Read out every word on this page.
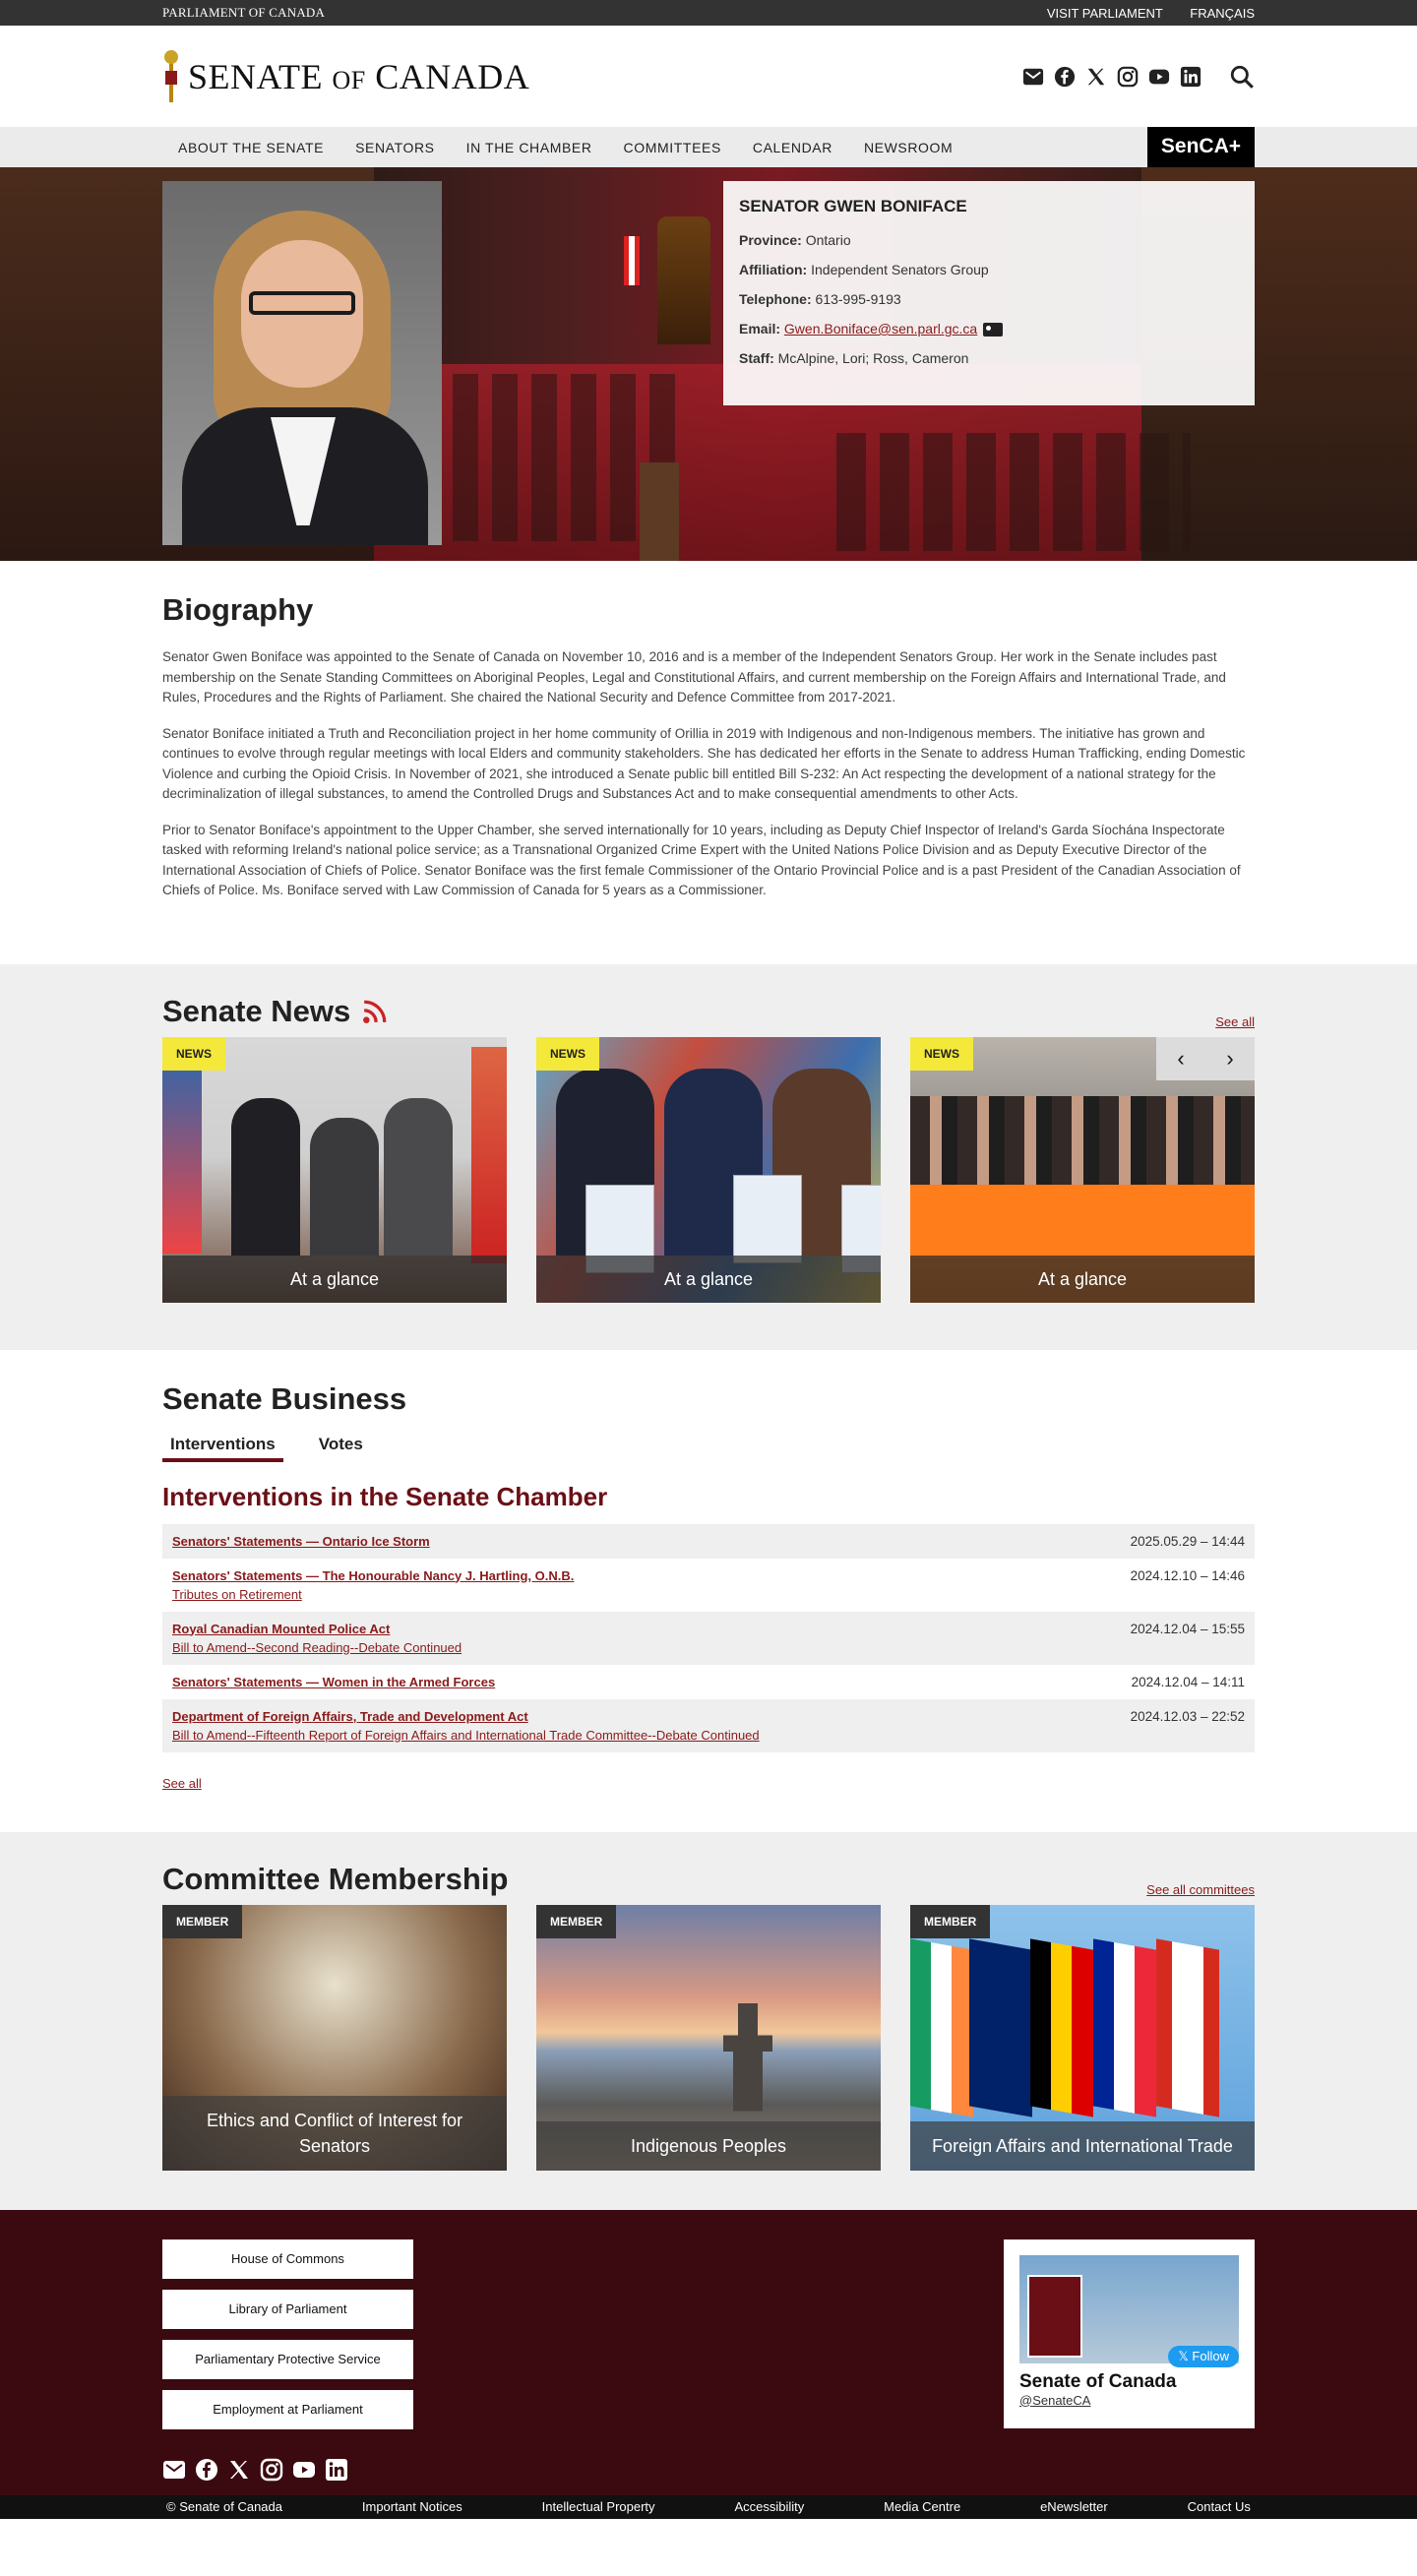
PARLIAMENT OF CANADA	VISIT PARLIAMENT FRANÇAIS
SENATE OF CANADA
ABOUT THE SENATE SENATORS IN THE CHAMBER COMMITTEES CALENDAR NEWSROOM	SenCA+
SENATOR GWEN BONIFACE
Province: Ontario
Affiliation: Independent Senators Group
Telephone: 613-995-9193
Email: Gwen.Boniface@sen.parl.gc.ca
Staff: McAlpine, Lori; Ross, Cameron
Biography

Senator Gwen Boniface was appointed to the Senate of Canada on November 10, 2016 and is a member of the Independent Senators Group. Her work in the Senate includes past membership on the Senate Standing Committees on Aboriginal Peoples, Legal and Constitutional Affairs, and current membership on the Foreign Affairs and International Trade, and Rules, Procedures and the Rights of Parliament. She chaired the National Security and Defence Committee from 2017-2021.

Senator Boniface initiated a Truth and Reconciliation project in her home community of Orillia in 2019 with Indigenous and non-Indigenous members. The initiative has grown and continues to evolve through regular meetings with local Elders and community stakeholders. She has dedicated her efforts in the Senate to address Human Trafficking, ending Domestic Violence and curbing the Opioid Crisis. In November of 2021, she introduced a Senate public bill entitled Bill S-232: An Act respecting the development of a national strategy for the decriminalization of illegal substances, to amend the Controlled Drugs and Substances Act and to make consequential amendments to other Acts.

Prior to Senator Boniface's appointment to the Upper Chamber, she served internationally for 10 years, including as Deputy Chief Inspector of Ireland's Garda Síochána Inspectorate tasked with reforming Ireland's national police service; as a Transnational Organized Crime Expert with the United Nations Police Division and as Deputy Executive Director of the International Association of Chiefs of Police. Senator Boniface was the first female Commissioner of the Ontario Provincial Police and is a past President of the Canadian Association of Chiefs of Police. Ms. Boniface served with Law Commission of Canada for 5 years as a Commissioner.

Senate News	See all
NEWS
At a glance
NEWS
At a glance
NEWS	‹	›
At a glance
Senate Business
Interventions	Votes
Interventions in the Senate Chamber
Senators' Statements — Ontario Ice Storm	2025.05.29 – 14:44
Senators' Statements — The Honourable Nancy J. Hartling, O.N.B.
Tributes on Retirement
2024.12.10 – 14:46
Royal Canadian Mounted Police Act
Bill to Amend--Second Reading--Debate Continued
2024.12.04 – 15:55
Senators' Statements — Women in the Armed Forces	2024.12.04 – 14:11
Department of Foreign Affairs, Trade and Development Act
Bill to Amend--Fifteenth Report of Foreign Affairs and International Trade Committee--Debate Continued
2024.12.03 – 22:52
See all
Committee Membership	See all committees
MEMBER
Ethics and Conflict of Interest for Senators
MEMBER
Indigenous Peoples
MEMBER
Foreign Affairs and International Trade
House of Commons
Library of Parliament
Parliamentary Protective Service
Employment at Parliament
𝕏 Follow
Senate of Canada
@SenateCA
© Senate of Canada	Important Notices	Intellectual Property	Accessibility	Media Centre	eNewsletter	Contact Us
